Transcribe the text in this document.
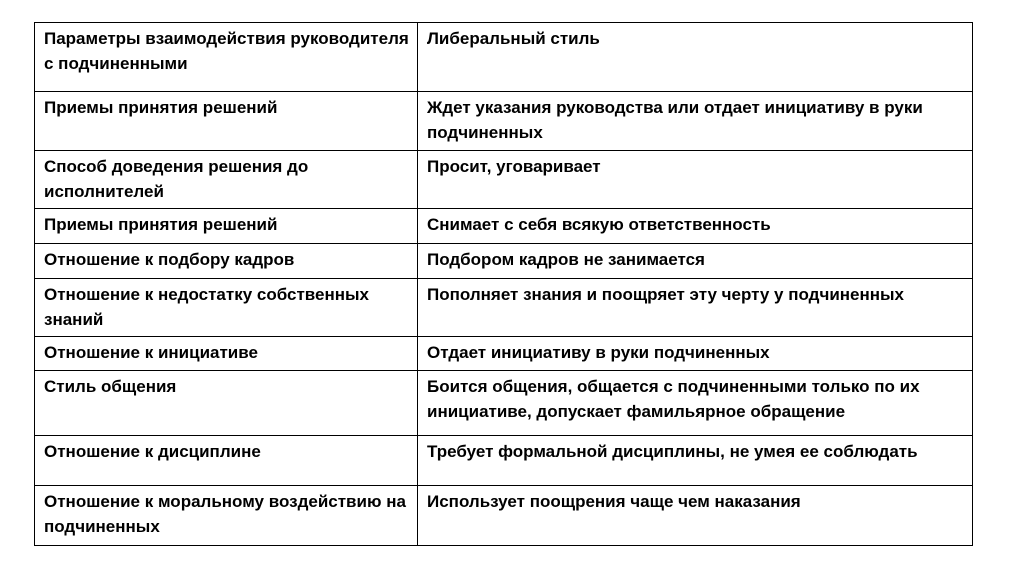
Параметры взаимодействия руководителя с подчиненными	Либеральный стиль
Приемы принятия решений	Ждет указания руководства или отдает инициативу в руки подчиненных
Способ доведения решения до исполнителей	Просит, уговаривает
Приемы принятия решений	Снимает с себя всякую ответственность
Отношение к подбору кадров	Подбором кадров не занимается
Отношение к недостатку собственных знаний	Пополняет знания и поощряет эту черту у подчиненных
Отношение к инициативе	Отдает инициативу в руки подчиненных
Стиль общения	Боится общения, общается с подчиненными только по их инициативе, допускает фамильярное обращение
Отношение к дисциплине	Требует формальной дисциплины, не умея ее соблюдать
Отношение к моральному воздействию на подчиненных	Использует поощрения чаще чем наказания
